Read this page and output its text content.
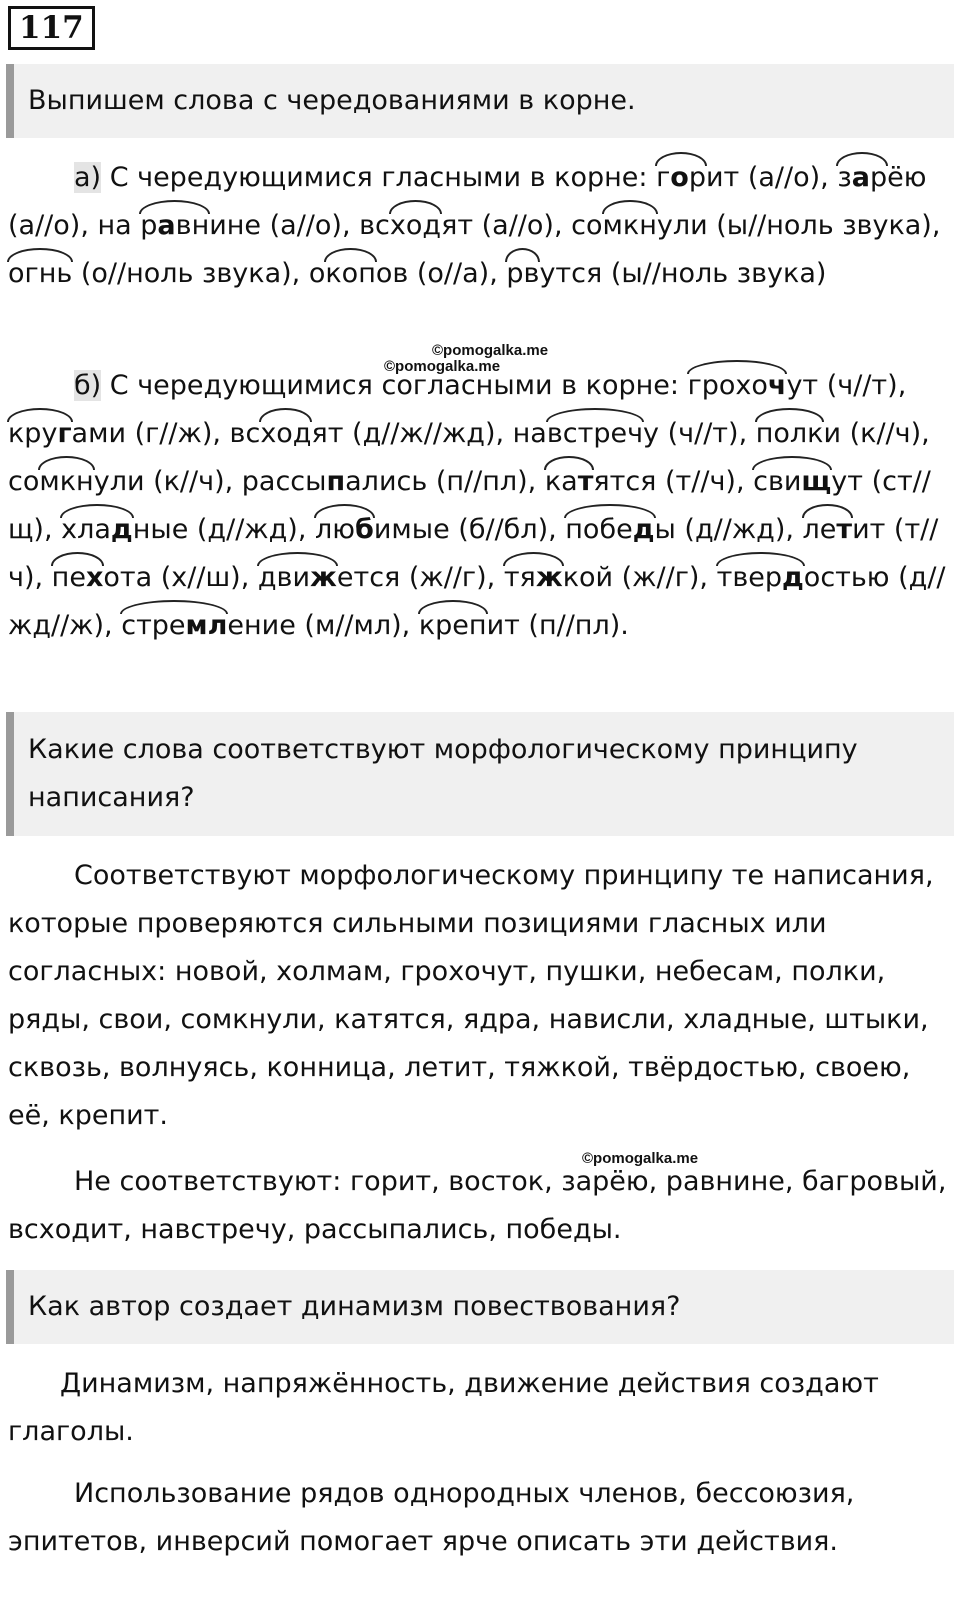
117
Выпишем слова с чередованиями в корне.
а) С чередующимися гласными в корне: горит (а//о), зарёю (а//о), на равнине (а//о), всходят (а//о), сомкнули (ы//ноль звука), огнь (о//ноль звука), окопов (о//а), рвутся (ы//ноль звука)
б) С чередующимися согласными в корне: грохочут (ч//т), кругами (г//ж), всходят (д//ж//жд), навстречу (ч//т), полки (к//ч), сомкнули (к//ч), рассыпались (п//пл), катятся (т//ч), свищут (ст//щ), хладные (д//жд), любимые (б//бл), победы (д//жд), летит (т//ч), пехота (х//ш), движется (ж//г), тяжкой (ж//г), твердостью (д//жд//ж), стремление (м//мл), крепит (п//пл).
Какие слова соответствуют морфологическому принципу написания?
Соответствуют морфологическому принципу те написания, которые проверяются сильными позициями гласных или согласных: новой, холмам, грохочут, пушки, небесам, полки, ряды, свои, сомкнули, катятся, ядра, нависли, хладные, штыки, сквозь, волнуясь, конница, летит, тяжкой, твёрдостью, своею, её, крепит.
Не соответствуют: горит, восток, зарёю, равнине, багровый, всходит, навстречу, рассыпались, победы.
Как автор создает динамизм повествования?
Динамизм, напряжённость, движение действия создают глаголы.
Использование рядов однородных членов, бессоюзия, эпитетов, инверсий помогает ярче описать эти действия.
©pomogalka.me
©pomogalka.me
©pomogalka.me
